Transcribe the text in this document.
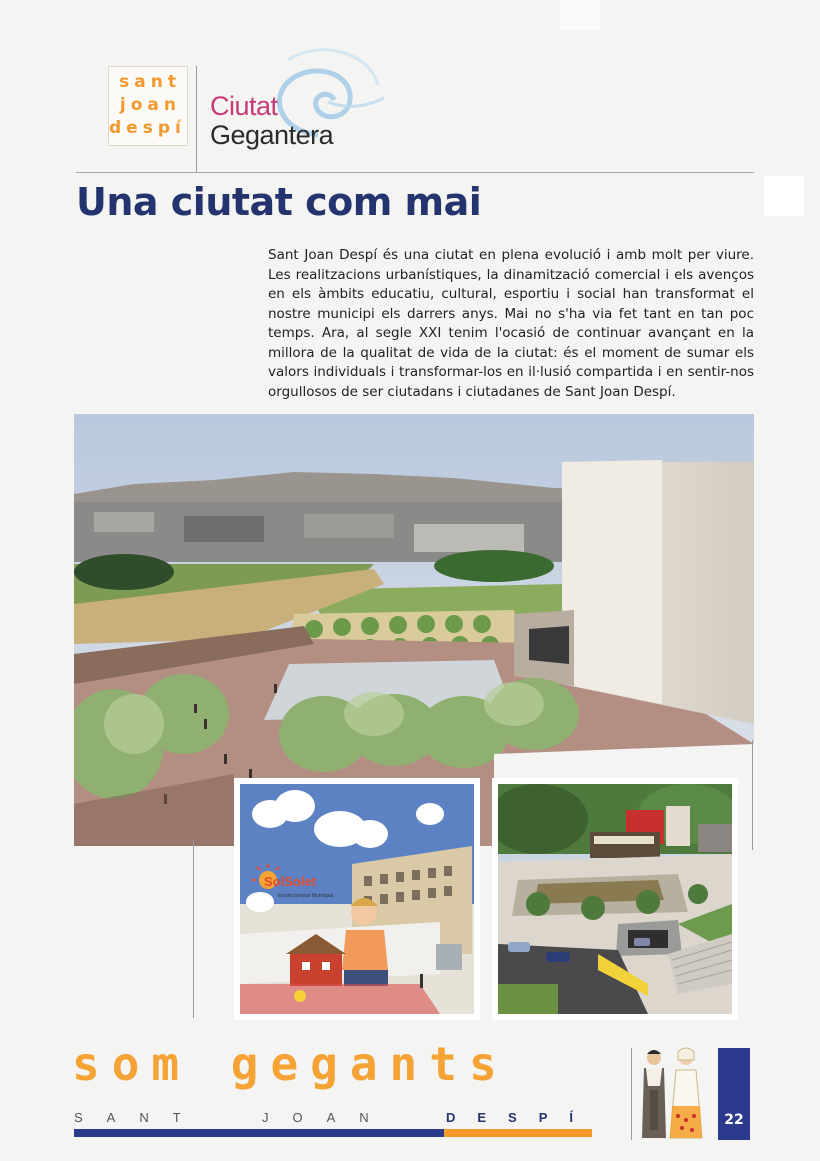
sant
joan
despí
Ciutat
Gegantera
Una ciutat com mai

Sant Joan Despí és una ciutat en plena evolució i amb molt per viure. Les realitzacions urbanístiques, la dinamització comercial i els avenços en els àmbits educatiu, cultural, esportiu i social han transformat el nostre municipi els darrers anys. Mai no s'ha via fet tant en tan poc temps. Ara, al segle XXI tenim l'ocasió de continuar avançant en la millora de la qualitat de vida de la ciutat: és el moment de sumar els valors individuals i transformar-los en il·lusió compartida i en sentir-nos orgullosos de ser ciutadans i ciutadanes de Sant Joan Despí.

SolSolet
Escola bressol Municipal
som gegants
SANT	JOAN	DESPÍ	22
